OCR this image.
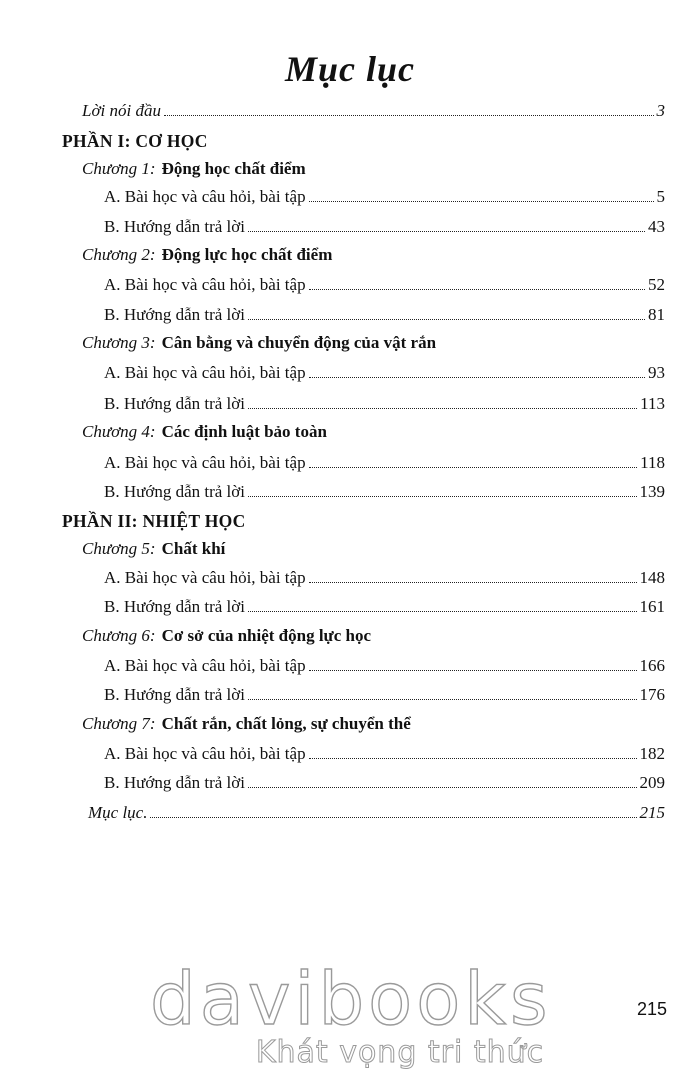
Mục lục
Lời nói đầu	3
PHẦN I: CƠ HỌC
Chương 1: Động học chất điểm
A. Bài học và câu hỏi, bài tập	5
B. Hướng dẫn trả lời	43
Chương 2: Động lực học chất điểm
A. Bài học và câu hỏi, bài tập	52
B. Hướng dẫn trả lời	81
Chương 3: Cân bằng và chuyển động của vật rắn
A. Bài học và câu hỏi, bài tập	93
B. Hướng dẫn trả lời	113
Chương 4: Các định luật bảo toàn
A. Bài học và câu hỏi, bài tập	118
B. Hướng dẫn trả lời	139
PHẦN II: NHIỆT HỌC
Chương 5: Chất khí
A. Bài học và câu hỏi, bài tập	148
B. Hướng dẫn trả lời	161
Chương 6: Cơ sở của nhiệt động lực học
A. Bài học và câu hỏi, bài tập	166
B. Hướng dẫn trả lời	176
Chương 7: Chất rắn, chất lỏng, sự chuyển thể
A. Bài học và câu hỏi, bài tập	182
B. Hướng dẫn trả lời	209
Mục lục.	215
davibooks	215
Khát vọng tri thức
